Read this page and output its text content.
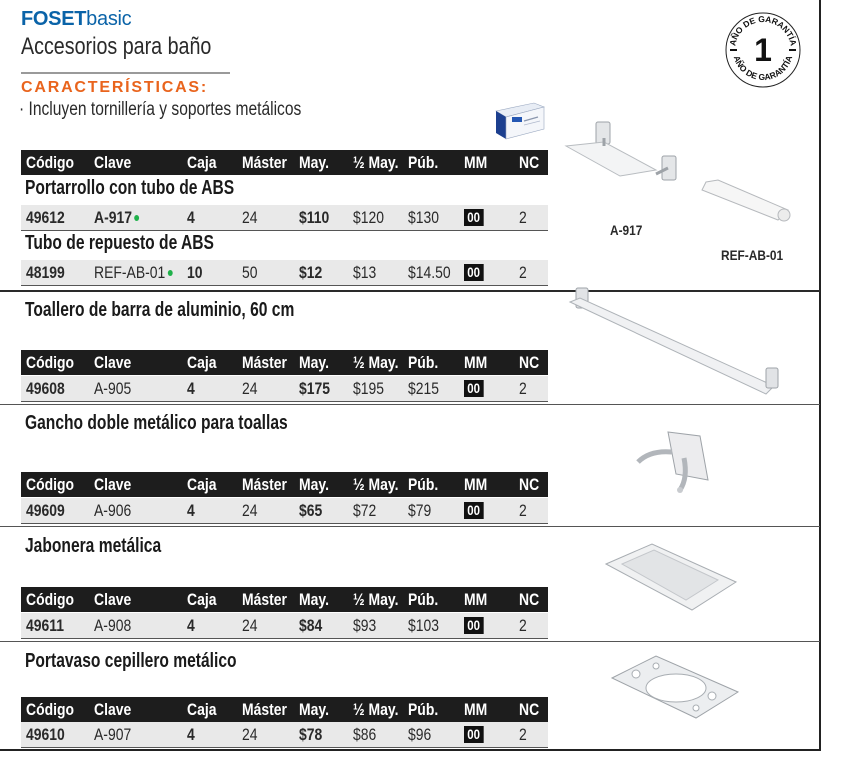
FOSETbasic
Accesorios para baño
CARACTERÍSTICAS:
· Incluyen tornillería y soportes metálicos
AÑO DE GARANTÍA
AÑO DE GARANTÍA
1
Código Clave	Caja Máster May. ½ May. Púb. MM NC
Portarrollo con tubo de ABS
49612 A-917	4	24 $110 $120 $130 00 2
Tubo de repuesto de ABS
48199 REF-AB-01	10 50 $12 $13 $14.50 00 2
Toallero de barra de aluminio, 60 cm
Código Clave	Caja Máster May. ½ May. Púb. MM NC
49608 A-905	4	24 $175 $195 $215 00 2
Gancho doble metálico para toallas
Código Clave	Caja Máster May. ½ May. Púb. MM NC
49609 A-906	4	24 $65 $72 $79	00 2
Jabonera metálica
Código Clave	Caja Máster May. ½ May. Púb. MM NC
49611 A-908	4	24 $84 $93 $103 00 2
Portavaso cepillero metálico
Código Clave	Caja Máster May. ½ May. Púb. MM NC
49610 A-907	4	24 $78 $86 $96	00 2
A-917
REF-AB-01
